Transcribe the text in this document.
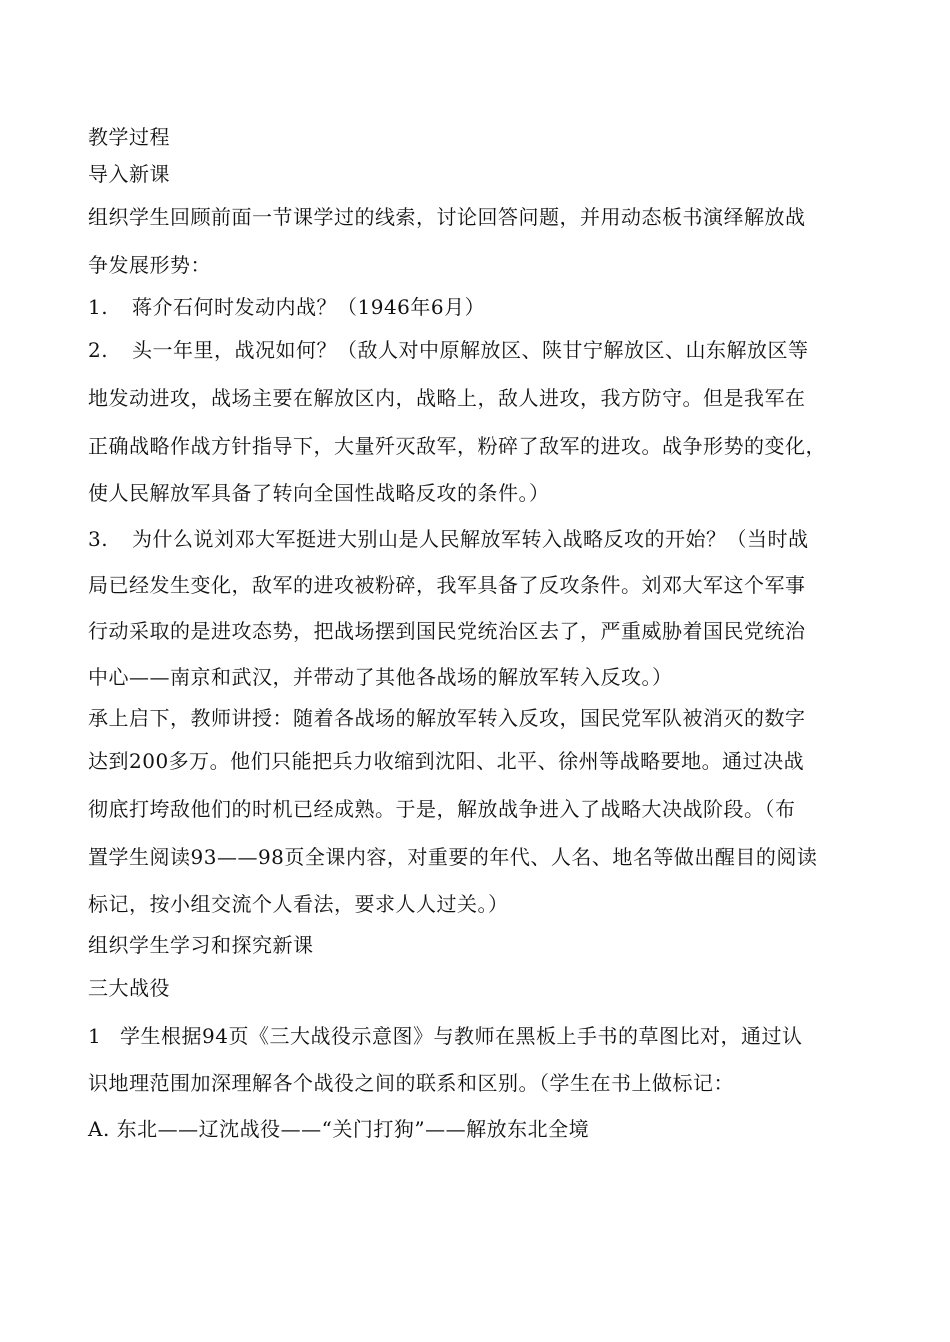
教学过程

导入新课

组织学生回顾前面一节课学过的线索，讨论回答问题，并用动态板书演绎解放战

争发展形势：

1. 蒋介石何时发动内战？（1946年6月）

2. 头一年里，战况如何？（敌人对中原解放区、陕甘宁解放区、山东解放区等

地发动进攻，战场主要在解放区内，战略上，敌人进攻，我方防守。但是我军在

正确战略作战方针指导下，大量歼灭敌军，粉碎了敌军的进攻。战争形势的变化，

使人民解放军具备了转向全国性战略反攻的条件。）

3. 为什么说刘邓大军挺进大别山是人民解放军转入战略反攻的开始？（当时战

局已经发生变化，敌军的进攻被粉碎，我军具备了反攻条件。刘邓大军这个军事

行动采取的是进攻态势，把战场摆到国民党统治区去了，严重威胁着国民党统治

中心——南京和武汉，并带动了其他各战场的解放军转入反攻。）

承上启下，教师讲授：随着各战场的解放军转入反攻，国民党军队被消灭的数字

达到200多万。他们只能把兵力收缩到沈阳、北平、徐州等战略要地。通过决战

彻底打垮敌他们的时机已经成熟。于是，解放战争进入了战略大决战阶段。（布

置学生阅读93——98页全课内容，对重要的年代、人名、地名等做出醒目的阅读

标记，按小组交流个人看法，要求人人过关。）

组织学生学习和探究新课

三大战役

1 学生根据94页《三大战役示意图》与教师在黑板上手书的草图比对，通过认

识地理范围加深理解各个战役之间的联系和区别。（学生在书上做标记：

A. 东北——辽沈战役——“关门打狗”——解放东北全境
